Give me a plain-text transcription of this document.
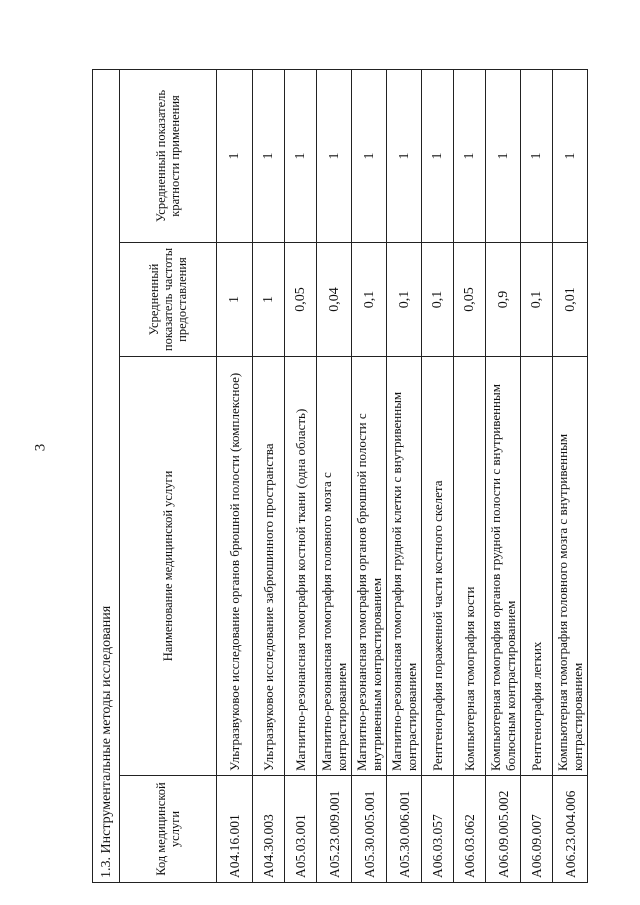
3
1.3. Инструментальные методы исследования			
Код медицинской услуги	Наименование медицинской услуги	Усредненный показатель частоты предоставления	Усредненный показатель кратности применения
A04.16.001	Ультразвуковое исследование органов брюшной полости (комплексное)	1	1
A04.30.003	Ультразвуковое исследование забрюшинного пространства	1	1
A05.03.001	Магнитно-резонансная томография костной ткани (одна область)	0,05	1
A05.23.009.001	Магнитно-резонансная томография головного мозга с контрастированием	0,04	1
A05.30.005.001	Магнитно-резонансная томография органов брюшной полости с внутривенным контрастированием	0,1	1
A05.30.006.001	Магнитно-резонансная томография грудной клетки с внутривенным контрастированием	0,1	1
A06.03.057	Рентгенография пораженной части костного скелета	0,1	1
A06.03.062	Компьютерная томография кости	0,05	1
A06.09.005.002	Компьютерная томография органов грудной полости с внутривенным болюсным контрастированием	0,9	1
A06.09.007	Рентгенография легких	0,1	1
A06.23.004.006	Компьютерная томография головного мозга с внутривенным контрастированием	0,01	1
